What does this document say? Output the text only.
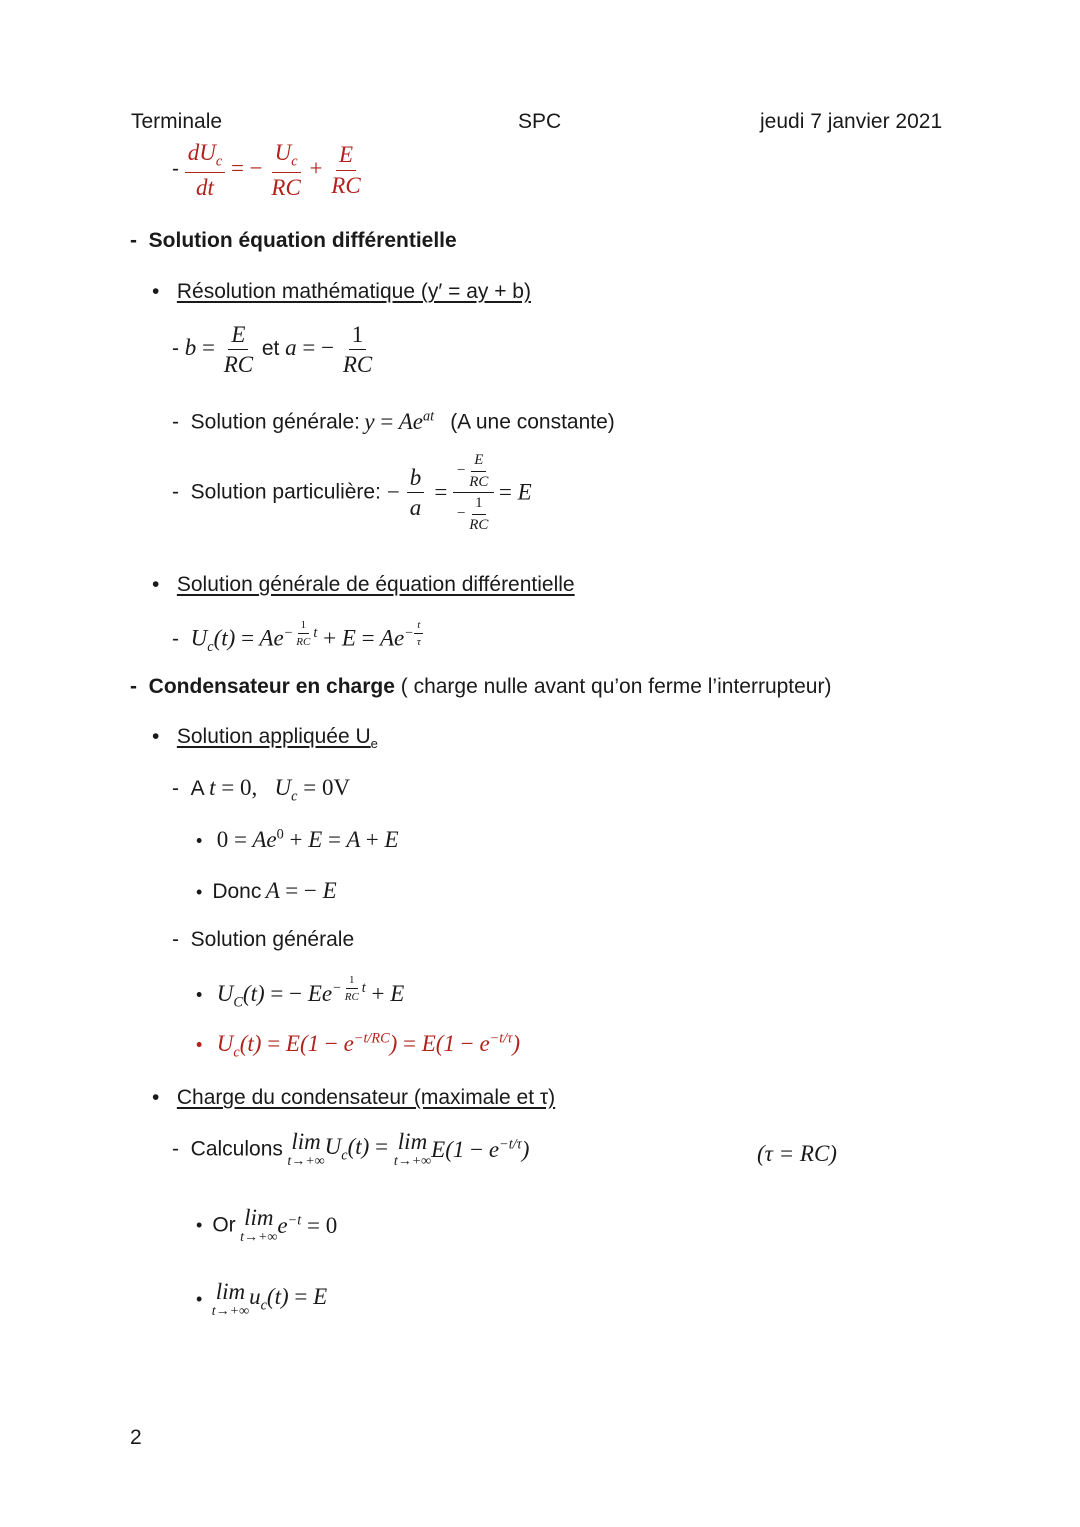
Terminale	SPC	jeudi 7 janvier 2021
- $\frac{dU_c}{dt}$ = − $\frac{U_c}{RC} + \frac{E}{RC}$
-  Solution équation différentielle
•   Résolution mathématique (y′ = ay + b)
- $b = \frac{E}{RC}$ et a = − $\frac{1}{RC}$
-  Solution générale: $y = Ae^{at}$ (A une constante)
-  Solution particulière: − $\frac{b}{a} = \frac{- \frac{E}{RC}}{- \frac{1}{RC}} = E$
•   Solution générale de équation différentielle
-  $U_c(t) = Ae^{- \frac{1}{RC} t} + E = Ae^{- \frac{t}{\tau}}$
-  Condensateur en charge ( charge nulle avant qu’on ferme l’interrupteur)
•   Solution appliquée $U_e$
-  A t = 0,   $U_c = 0V$
•   $0 = Ae^0 + E = A + E$
•  Donc A = − E
-  Solution générale
•   $U_C(t)$ = − $Ee^{- \frac{1}{RC} t} + E$
•   $U_c(t) = E(1 - e^{-t/RC}) = E(1 - e^{-t/\tau})$
•   Charge du condensateur (maximale et τ)
-  Calculons lim
t→+∞
$U_c(t) = \lim$
t→+∞ $E(1 - e^{-t/\tau})$	(τ = RC)
•  Or lim
t→+∞ $e^{-t} = 0$
• lim
t→+∞
$u_c(t) = E$
2
